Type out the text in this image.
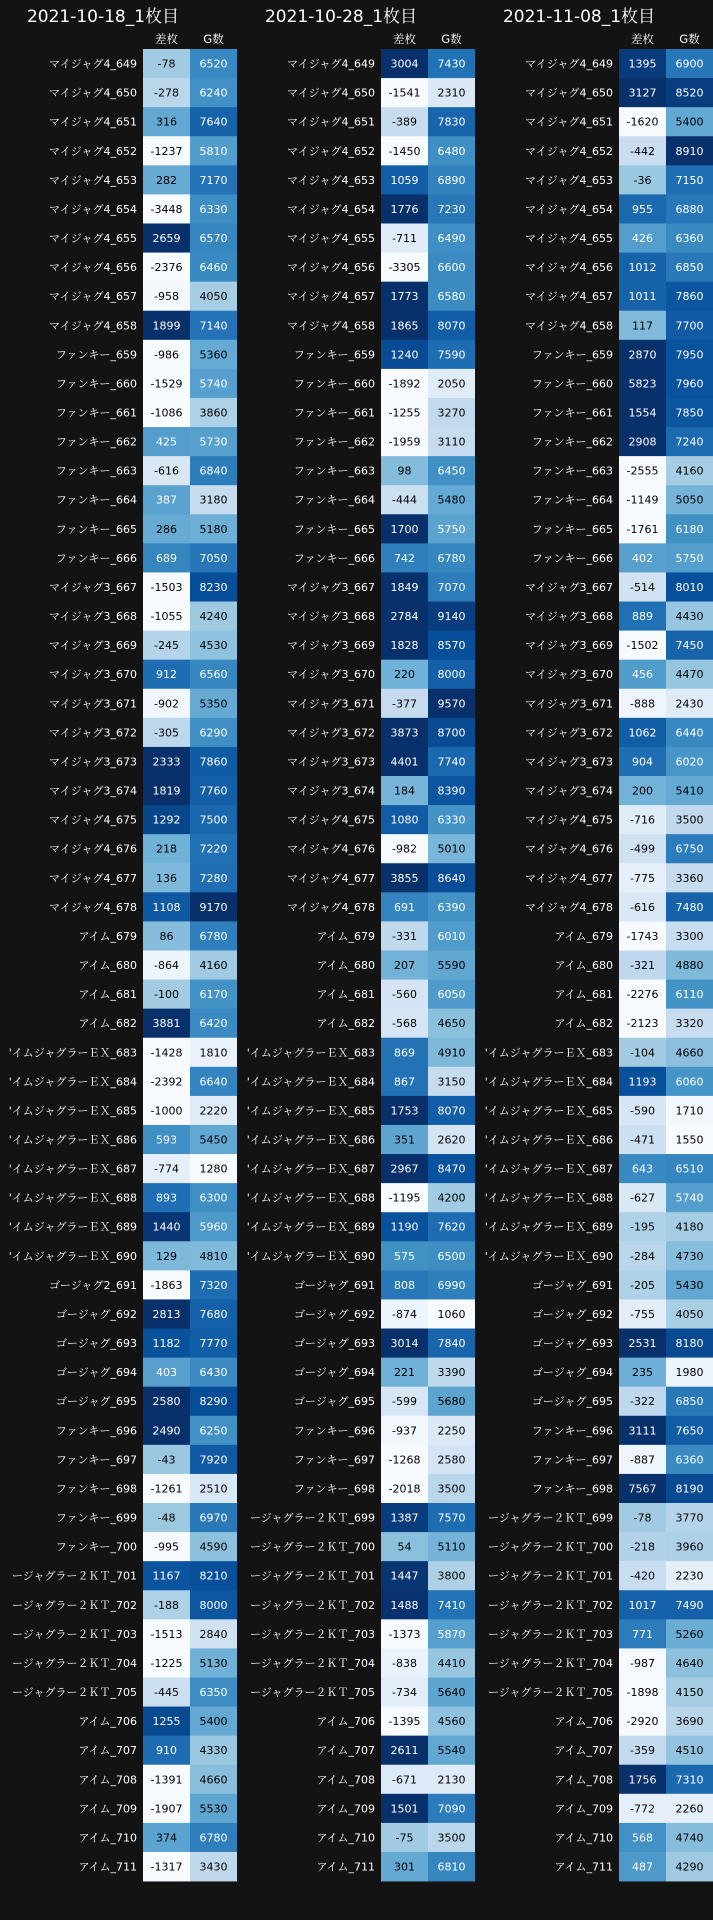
2021-10-18_1枚目
差枚 G数
マイジャグ4_649 -78 6520
マイジャグ4_650 -278 6240
マイジャグ4_651 316 7640
マイジャグ4_652 -1237 5810
マイジャグ4_653 282 7170
マイジャグ4_654 -3448 6330
マイジャグ4_655 2659 6570
マイジャグ4_656 -2376 6460
マイジャグ4_657 -958 4050
マイジャグ4_658 1899 7140
ファンキー_659 -986 5360
ファンキー_660 -1529 5740
ファンキー_661 -1086 3860
ファンキー_662 425 5730
ファンキー_663 -616 6840
ファンキー_664 387 3180
ファンキー_665 286 5180
ファンキー_666 689 7050
マイジャグ3_667 -1503 8230
マイジャグ3_668 -1055 4240
マイジャグ3_669 -245 4530
マイジャグ3_670 912 6560
マイジャグ3_671 -902 5350
マイジャグ3_672 -305 6290
マイジャグ3_673 2333 7860
マイジャグ3_674 1819 7760
マイジャグ4_675 1292 7500
マイジャグ4_676 218 7220
マイジャグ4_677 136 7280
マイジャグ4_678 1108 9170
アイム_679 86 6780
アイム_680 -864 4160
アイム_681 -100 6170
アイム_682 3881 6420
'イムジャグラーＥＸ_683 -1428 1810
'イムジャグラーＥＸ_684 -2392 6640
'イムジャグラーＥＸ_685 -1000 2220
'イムジャグラーＥＸ_686 593 5450
'イムジャグラーＥＸ_687 -774 1280
'イムジャグラーＥＸ_688 893 6300
'イムジャグラーＥＸ_689 1440 5960
'イムジャグラーＥＸ_690 129 4810
ゴージャグ2_691 -1863 7320
ゴージャグ_692 2813 7680
ゴージャグ_693 1182 7770
ゴージャグ_694 403 6430
ゴージャグ_695 2580 8290
ファンキー_696 2490 6250
ファンキー_697 -43 7920
ファンキー_698 -1261 2510
ファンキー_699 -48 6970
ファンキー_700 -995 4590
ージャグラー２ＫＴ_701 1167 8210
ージャグラー２ＫＴ_702 -188 8000
ージャグラー２ＫＴ_703 -1513 2840
ージャグラー２ＫＴ_704 -1225 5130
ージャグラー２ＫＴ_705 -445 6350
アイム_706 1255 5400
アイム_707 910 4330
アイム_708 -1391 4660
アイム_709 -1907 5530
アイム_710 374 6780
アイム_711 -1317 3430
2021-10-28_1枚目
差枚 G数
マイジャグ4_649 3004 7430
マイジャグ4_650 -1541 2310
マイジャグ4_651 -389 7830
マイジャグ4_652 -1450 6480
マイジャグ4_653 1059 6890
マイジャグ4_654 1776 7230
マイジャグ4_655 -711 6490
マイジャグ4_656 -3305 6600
マイジャグ4_657 1773 6580
マイジャグ4_658 1865 8070
ファンキー_659 1240 7590
ファンキー_660 -1892 2050
ファンキー_661 -1255 3270
ファンキー_662 -1959 3110
ファンキー_663 98 6450
ファンキー_664 -444 5480
ファンキー_665 1700 5750
ファンキー_666 742 6780
マイジャグ3_667 1849 7070
マイジャグ3_668 2784 9140
マイジャグ3_669 1828 8570
マイジャグ3_670 220 8000
マイジャグ3_671 -377 9570
マイジャグ3_672 3873 8700
マイジャグ3_673 4401 7740
マイジャグ3_674 184 8390
マイジャグ4_675 1080 6330
マイジャグ4_676 -982 5010
マイジャグ4_677 3855 8640
マイジャグ4_678 691 6390
アイム_679 -331 6010
アイム_680 207 5590
アイム_681 -560 6050
アイム_682 -568 4650
'イムジャグラーＥＸ_683 869 4910
'イムジャグラーＥＸ_684 867 3150
'イムジャグラーＥＸ_685 1753 8070
'イムジャグラーＥＸ_686 351 2620
'イムジャグラーＥＸ_687 2967 8470
'イムジャグラーＥＸ_688 -1195 4200
'イムジャグラーＥＸ_689 1190 7620
'イムジャグラーＥＸ_690 575 6500
ゴージャグ_691 808 6990
ゴージャグ_692 -874 1060
ゴージャグ_693 3014 7840
ゴージャグ_694 221 3390
ゴージャグ_695 -599 5680
ファンキー_696 -937 2250
ファンキー_697 -1268 2580
ファンキー_698 -2018 3500
ージャグラー２ＫＴ_699 1387 7570
ージャグラー２ＫＴ_700 54 5110
ージャグラー２ＫＴ_701 1447 3800
ージャグラー２ＫＴ_702 1488 7410
ージャグラー２ＫＴ_703 -1373 5870
ージャグラー２ＫＴ_704 -838 4410
ージャグラー２ＫＴ_705 -734 5640
アイム_706 -1395 4560
アイム_707 2611 5540
アイム_708 -671 2130
アイム_709 1501 7090
アイム_710 -75 3500
アイム_711 301 6810
2021-11-08_1枚目
差枚 G数
マイジャグ4_649 1395 6900
マイジャグ4_650 3127 8520
マイジャグ4_651 -1620 5400
マイジャグ4_652 -442 8910
マイジャグ4_653 -36 7150
マイジャグ4_654 955 6880
マイジャグ4_655 426 6360
マイジャグ4_656 1012 6850
マイジャグ4_657 1011 7860
マイジャグ4_658 117 7700
ファンキー_659 2870 7950
ファンキー_660 5823 7960
ファンキー_661 1554 7850
ファンキー_662 2908 7240
ファンキー_663 -2555 4160
ファンキー_664 -1149 5050
ファンキー_665 -1761 6180
ファンキー_666 402 5750
マイジャグ3_667 -514 8010
マイジャグ3_668 889 4430
マイジャグ3_669 -1502 7450
マイジャグ3_670 456 4470
マイジャグ3_671 -888 2430
マイジャグ3_672 1062 6440
マイジャグ3_673 904 6020
マイジャグ3_674 200 5410
マイジャグ4_675 -716 3500
マイジャグ4_676 -499 6750
マイジャグ4_677 -775 3360
マイジャグ4_678 -616 7480
アイム_679 -1743 3300
アイム_680 -321 4880
アイム_681 -2276 6110
アイム_682 -2123 3320
'イムジャグラーＥＸ_683 -104 4660
'イムジャグラーＥＸ_684 1193 6060
'イムジャグラーＥＸ_685 -590 1710
'イムジャグラーＥＸ_686 -471 1550
'イムジャグラーＥＸ_687 643 6510
'イムジャグラーＥＸ_688 -627 5740
'イムジャグラーＥＸ_689 -195 4180
'イムジャグラーＥＸ_690 -284 4730
ゴージャグ_691 -205 5430
ゴージャグ_692 -755 4050
ゴージャグ_693 2531 8180
ゴージャグ_694 235 1980
ゴージャグ_695 -322 6850
ファンキー_696 3111 7650
ファンキー_697 -887 6360
ファンキー_698 7567 8190
ージャグラー２ＫＴ_699 -78 3770
ージャグラー２ＫＴ_700 -218 3960
ージャグラー２ＫＴ_701 -420 2230
ージャグラー２ＫＴ_702 1017 7490
ージャグラー２ＫＴ_703 771 5260
ージャグラー２ＫＴ_704 -987 4640
ージャグラー２ＫＴ_705 -1898 4150
アイム_706 -2920 3690
アイム_707 -359 4510
アイム_708 1756 7310
アイム_709 -772 2260
アイム_710 568 4740
アイム_711 487 4290
